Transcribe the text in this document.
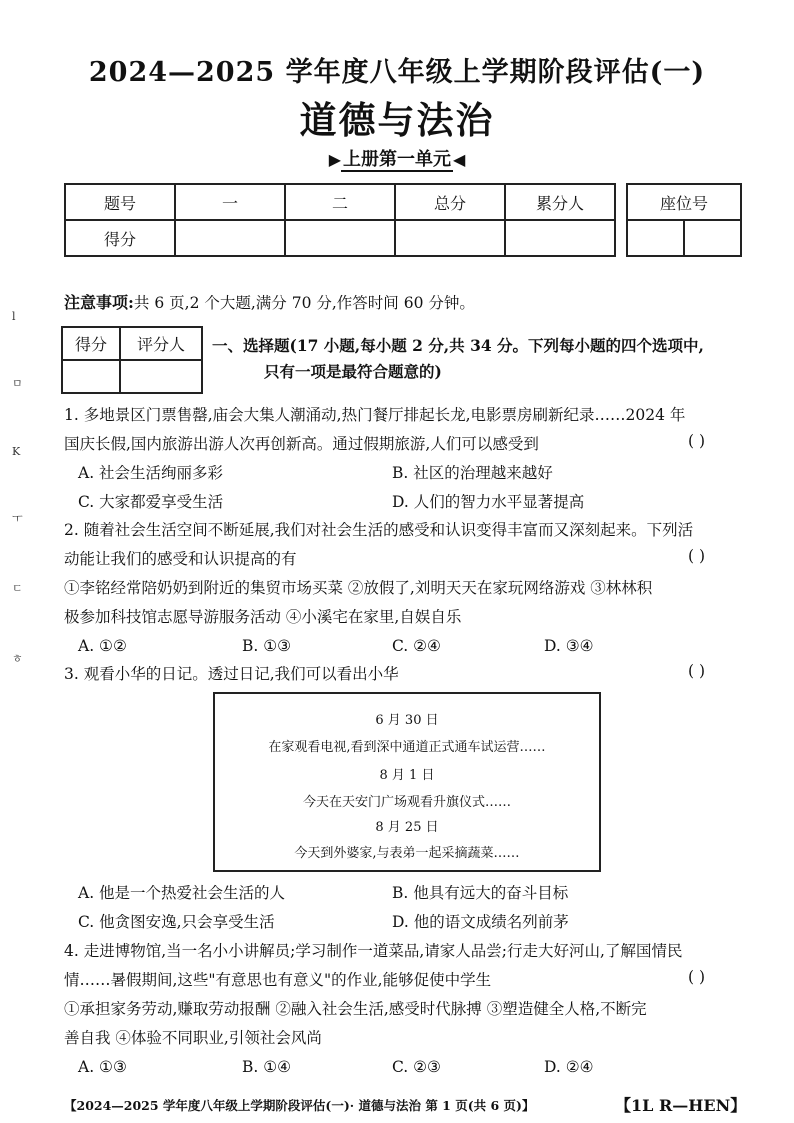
2024—2025 学年度八年级上学期阶段评估(一)
道德与法治
▶ 上册第一单元 ◀
题号	一	二	总分	累分人
得分				
座位号

注意事项:共 6 页,2 个大题,满分 70 分,作答时间 60 分钟。
得分	评分人
	一、选择题(17 小题,每小题 2 分,共 34 分。下列每小题的四个选项中,
只有一项是最符合题意的)
1. 多地景区门票售罄,庙会大集人潮涌动,热门餐厅排起长龙,电影票房刷新纪录……2024 年
国庆长假,国内旅游出游人次再创新高。通过假期旅游,人们可以感受到	( )
A. 社会生活绚丽多彩	B. 社区的治理越来越好
C. 大家都爱享受生活	D. 人们的智力水平显著提高
2. 随着社会生活空间不断延展,我们对社会生活的感受和认识变得丰富而又深刻起来。下列活
动能让我们的感受和认识提高的有	( )
①李铭经常陪奶奶到附近的集贸市场买菜 ②放假了,刘明天天在家玩网络游戏 ③林林积
极参加科技馆志愿导游服务活动 ④小溪宅在家里,自娱自乐
A. ①②	B. ①③	C. ②④	D. ③④
3. 观看小华的日记。透过日记,我们可以看出小华	( )
6 月 30 日
在家观看电视,看到深中通道正式通车试运营……
8 月 1 日
今天在天安门广场观看升旗仪式……
8 月 25 日
今天到外婆家,与表弟一起采摘蔬菜……
A. 他是一个热爱社会生活的人	B. 他具有远大的奋斗目标
C. 他贪图安逸,只会享受生活	D. 他的语文成绩名列前茅
4. 走进博物馆,当一名小小讲解员;学习制作一道菜品,请家人品尝;行走大好河山,了解国情民
情……暑假期间,这些"有意思也有意义"的作业,能够促使中学生	( )
①承担家务劳动,赚取劳动报酬 ②融入社会生活,感受时代脉搏 ③塑造健全人格,不断完
善自我 ④体验不同职业,引领社会风尚
A. ①③	B. ①④	C. ②③	D. ②④
【2024—2025 学年度八年级上学期阶段评估(一)· 道德与法治 第 1 页(共 6 页)】	【1L R—HEN】
l
ㅁ
K
ㅜ
ㄷ
ㅎ
